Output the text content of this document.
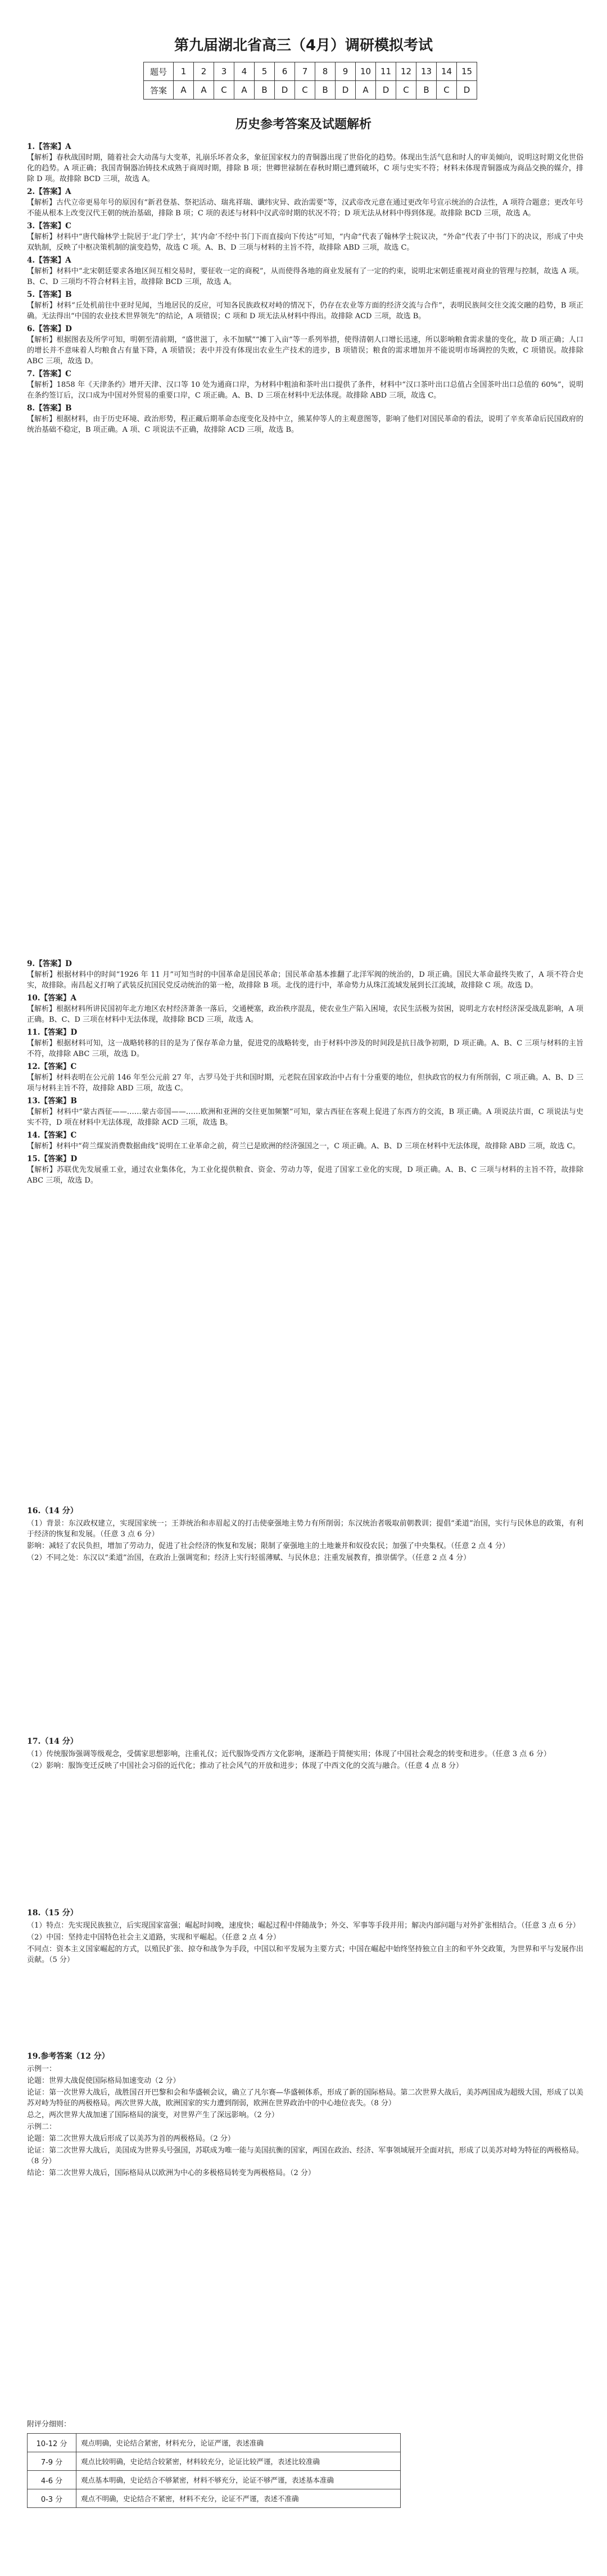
第九届湖北省高三（4月）调研模拟考试
题号	1	2	3	4	5	6	7	8	9	10	11	12	13	14	15
答案	A	A	C	A	B	D	C	B	D	A	D	C	B	C	D
历史参考答案及试题解析
1.【答案】A
【解析】春秋战国时期，随着社会大动荡与大变革，礼崩乐坏者众多，象征国家权力的青铜器出现了世俗化的趋势。体现出生活气息和时人的审美倾向，说明这时期文化世俗化的趋势。A 项正确；我国青铜器冶铸技术成熟于商周时期，排除 B 项；世卿世禄制在春秋时期已遭到破坏，C 项与史实不符；材料未体现青铜器成为商品交换的媒介，排除 D 项。故排除 BCD 三项，故选 A。
2.【答案】A
【解析】古代立帝更易年号的原因有“新君登基、祭祀活动、瑞兆祥瑞、谶纬灾异、政治需要”等，汉武帝改元意在通过更改年号宣示统治的合法性，A 项符合题意；更改年号不能从根本上改变汉代王朝的统治基础，排除 B 项；C 项的表述与材料中汉武帝时期的状况不符；D 项无法从材料中得到体现。故排除 BCD 三项，故选 A。
3.【答案】C
【解析】材料中“唐代翰林学士院居于‘北门学士’，其‘内命’不经中书门下而直接向下传达”可知，“内命”代表了翰林学士院议决，“外命”代表了中书门下的决议，形成了中央双轨制，反映了中枢决策机制的演变趋势，故选 C 项。A、B、D 三项与材料的主旨不符，故排除 ABD 三项，故选 C。
4.【答案】A
【解析】材料中“北宋朝廷要求各地区间互相交易时，要征收一定的商税”，从而使得各地的商业发展有了一定的约束，说明北宋朝廷重视对商业的管理与控制，故选 A 项。B、C、D 三项均不符合材料主旨，故排除 BCD 三项，故选 A。
5.【答案】B
【解析】材料“丘处机前往中亚时见闻，当地居民的反应，可知各民族政权对峙的情况下，仍存在农业等方面的经济交流与合作”，表明民族间交往交流交融的趋势，B 项正确。无法得出“中国的农业技术世界领先”的结论，A 项错误；C 项和 D 项无法从材料中得出。故排除 ACD 三项，故选 B。
6.【答案】D
【解析】根据图表及所学可知，明朝至清前期，“盛世滋丁，永不加赋”“摊丁入亩”等一系列举措，使得清朝人口增长迅速，所以影响粮食需求量的变化，故 D 项正确；人口的增长并不意味着人均粮食占有量下降，A 项错误；表中并没有体现出农业生产技术的进步，B 项错误；粮食的需求增加并不能说明市场调控的失败，C 项错误。故排除 ABC 三项，故选 D。
7.【答案】C
【解析】1858 年《天津条约》增开天津、汉口等 10 处为通商口岸，为材料中粗油和茶叶出口提供了条件，材料中“汉口茶叶出口总值占全国茶叶出口总值的 60%”，说明在条约签订后，汉口成为中国对外贸易的重要口岸，C 项正确。A、B、D 三项在材料中无法体现。故排除 ABD 三项，故选 C。
8.【答案】B
【解析】根据材料，由于历史环境、政治形势，程正藏后期革命态度变化及持中立，熊某仲等人的主观意图等，影响了他们对国民革命的看法，说明了辛亥革命后民国政府的统治基础不稳定，B 项正确。A 项、C 项说法不正确，故排除 ACD 三项，故选 B。
9.【答案】D
【解析】根据材料中的时间“1926 年 11 月”可知当时的中国革命是国民革命；国民革命基本推翻了北洋军阀的统治的，D 项正确。国民大革命最终失败了，A 项不符合史实，故排除。南昌起义打响了武装反抗国民党反动统治的第一枪，故排除 B 项。北伐的进行中，革命势力从珠江流域发展到长江流域，故排除 C 项。故选 D。
10.【答案】A
【解析】根据材料所讲民国初年北方地区农村经济萧条一落后，交通梗塞，政治秩序混乱，使农业生产陷入困境，农民生活极为贫困，说明北方农村经济深受战乱影响，A 项正确。B、C、D 三项在材料中无法体现，故排除 BCD 三项，故选 A。
11.【答案】D
【解析】根据材料可知，这一战略转移的目的是为了保存革命力量，促进党的战略转变，由于材料中涉及的时间段是抗日战争初期，D 项正确。A、B、C 三项与材料的主旨不符，故排除 ABC 三项，故选 D。
12.【答案】C
【解析】材料表明在公元前 146 年至公元前 27 年，古罗马处于共和国时期，元老院在国家政治中占有十分重要的地位，但执政官的权力有所削弱，C 项正确。A、B、D 三项与材料主旨不符，故排除 ABD 三项，故选 C。
13.【答案】B
【解析】材料中“蒙古西征——……蒙古帝国——……欧洲和亚洲的交往更加频繁”可知，蒙古西征在客观上促进了东西方的交流，B 项正确。A 项说法片面，C 项说法与史实不符，D 项在材料中无法体现，故排除 ACD 三项，故选 B。
14.【答案】C
【解析】材料中“荷兰煤炭消费数据曲线”说明在工业革命之前，荷兰已是欧洲的经济强国之一，C 项正确。A、B、D 三项在材料中无法体现，故排除 ABD 三项，故选 C。
15.【答案】D
【解析】苏联优先发展重工业，通过农业集体化，为工业化提供粮食、资金、劳动力等，促进了国家工业化的实现，D 项正确。A、B、C 三项与材料的主旨不符，故排除 ABC 三项，故选 D。
16.（14 分）
（1）背景：东汉政权建立，实现国家统一；王莽统治和赤眉起义的打击使豪强地主势力有所削弱；东汉统治者吸取前朝教训；提倡“柔道”治国，实行与民休息的政策，有利于经济的恢复和发展。（任意 3 点 6 分）
影响：减轻了农民负担，增加了劳动力，促进了社会经济的恢复和发展；限制了豪强地主的土地兼并和奴役农民；加强了中央集权。（任意 2 点 4 分）
（2）不同之处：东汉以“柔道”治国，在政治上强调宽和；经济上实行轻徭薄赋、与民休息；注重发展教育，推崇儒学。（任意 2 点 4 分）
17.（14 分）
（1）传统服饰强调等级观念，受儒家思想影响，注重礼仪；近代服饰受西方文化影响，逐渐趋于简便实用；体现了中国社会观念的转变和进步。（任意 3 点 6 分）
（2）影响：服饰变迁反映了中国社会习俗的近代化；推动了社会风气的开放和进步；体现了中西文化的交流与融合。（任意 4 点 8 分）
18.（15 分）
（1）特点：先实现民族独立，后实现国家富强；崛起时间晚，速度快；崛起过程中伴随战争；外交、军事等手段并用；解决内部问题与对外扩张相结合。（任意 3 点 6 分）
（2）中国：坚持走中国特色社会主义道路，实现和平崛起。（任意 2 点 4 分）
不同点：资本主义国家崛起的方式，以殖民扩张、掠夺和战争为手段，中国以和平发展为主要方式；中国在崛起中始终坚持独立自主的和平外交政策，为世界和平与发展作出贡献。（5 分）
19.参考答案（12 分）
示例一：
论题：世界大战促使国际格局加速变动（2 分）
论证：第一次世界大战后，战胜国召开巴黎和会和华盛顿会议，确立了凡尔赛—华盛顿体系，形成了新的国际格局。第二次世界大战后，美苏两国成为超级大国，形成了以美苏对峙为特征的两极格局。两次世界大战，欧洲国家的实力遭到削弱，欧洲在世界政治中的中心地位丧失。（8 分）
总之，两次世界大战加速了国际格局的演变，对世界产生了深远影响。（2 分）
示例二：
论题：第二次世界大战后形成了以美苏为首的两极格局。（2 分）
论证：第二次世界大战后，美国成为世界头号强国，苏联成为唯一能与美国抗衡的国家，两国在政治、经济、军事领域展开全面对抗，形成了以美苏对峙为特征的两极格局。（8 分）
结论：第二次世界大战后，国际格局从以欧洲为中心的多极格局转变为两极格局。（2 分）
附评分细则：
10-12 分	观点明确，史论结合紧密，材料充分，论证严谨，表述准确
7-9 分	观点比较明确，史论结合较紧密，材料较充分，论证比较严谨，表述比较准确
4-6 分	观点基本明确，史论结合不够紧密，材料不够充分，论证不够严谨，表述基本准确
0-3 分	观点不明确，史论结合不紧密，材料不充分，论证不严谨，表述不准确
